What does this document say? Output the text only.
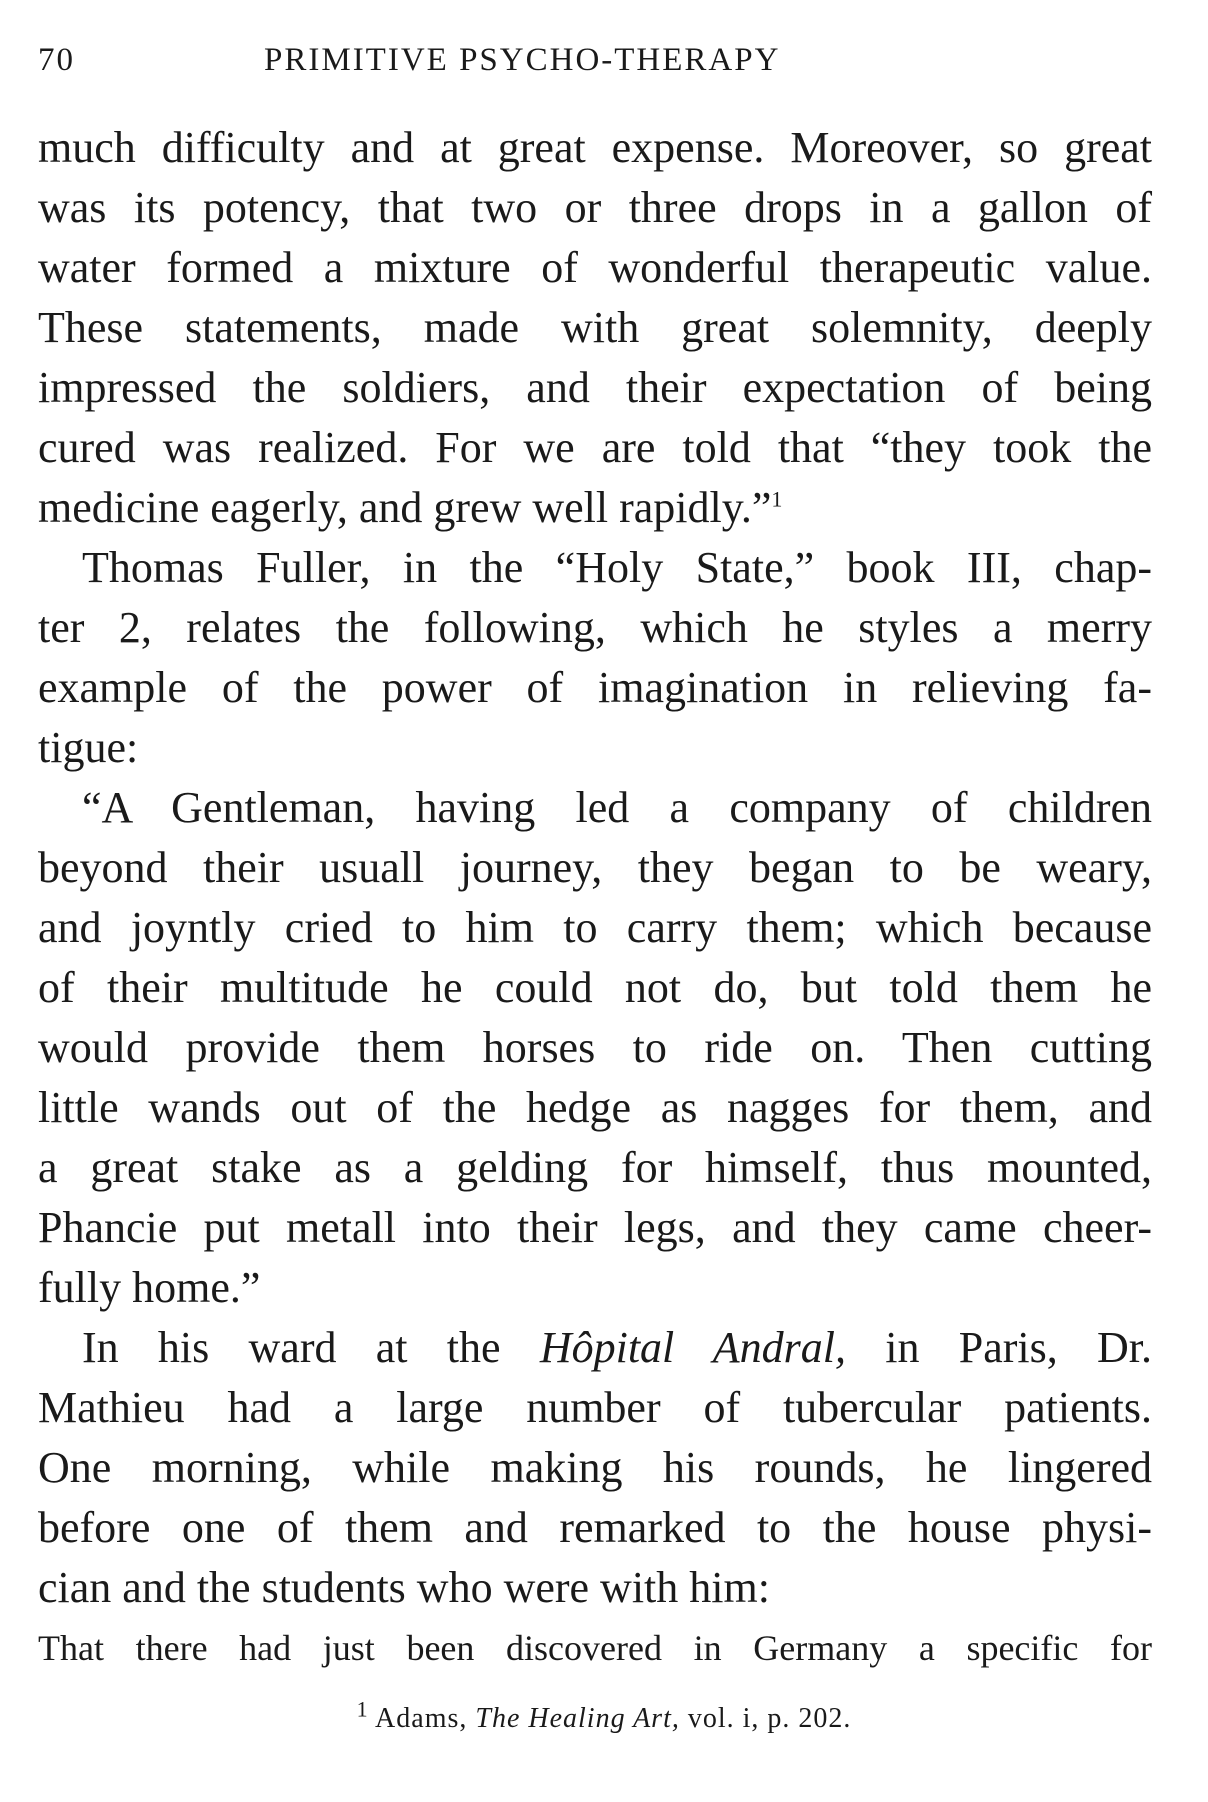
70	PRIMITIVE PSYCHO-THERAPY
much difficulty and at great expense. Moreover, so great
was its potency, that two or three drops in a gallon of
water formed a mixture of wonderful therapeutic value.
These statements, made with great solemnity, deeply
impressed the soldiers, and their expectation of being
cured was realized. For we are told that “they took the
medicine eagerly, and grew well rapidly.”$^1$
Thomas Fuller, in the “Holy State,” book III, chap-
ter 2, relates the following, which he styles a merry
example of the power of imagination in relieving fa-
tigue:
“A Gentleman, having led a company of children
beyond their usuall journey, they began to be weary,
and joyntly cried to him to carry them; which because
of their multitude he could not do, but told them he
would provide them horses to ride on. Then cutting
little wands out of the hedge as nagges for them, and
a great stake as a gelding for himself, thus mounted,
Phancie put metall into their legs, and they came cheer-
fully home.”
In his ward at the Hôpital Andral, in Paris, Dr.
Mathieu had a large number of tubercular patients.
One morning, while making his rounds, he lingered
before one of them and remarked to the house physi-
cian and the students who were with him:
That there had just been discovered in Germany a specific for
$^1$ Adams, The Healing Art, vol. i, p. 202.
